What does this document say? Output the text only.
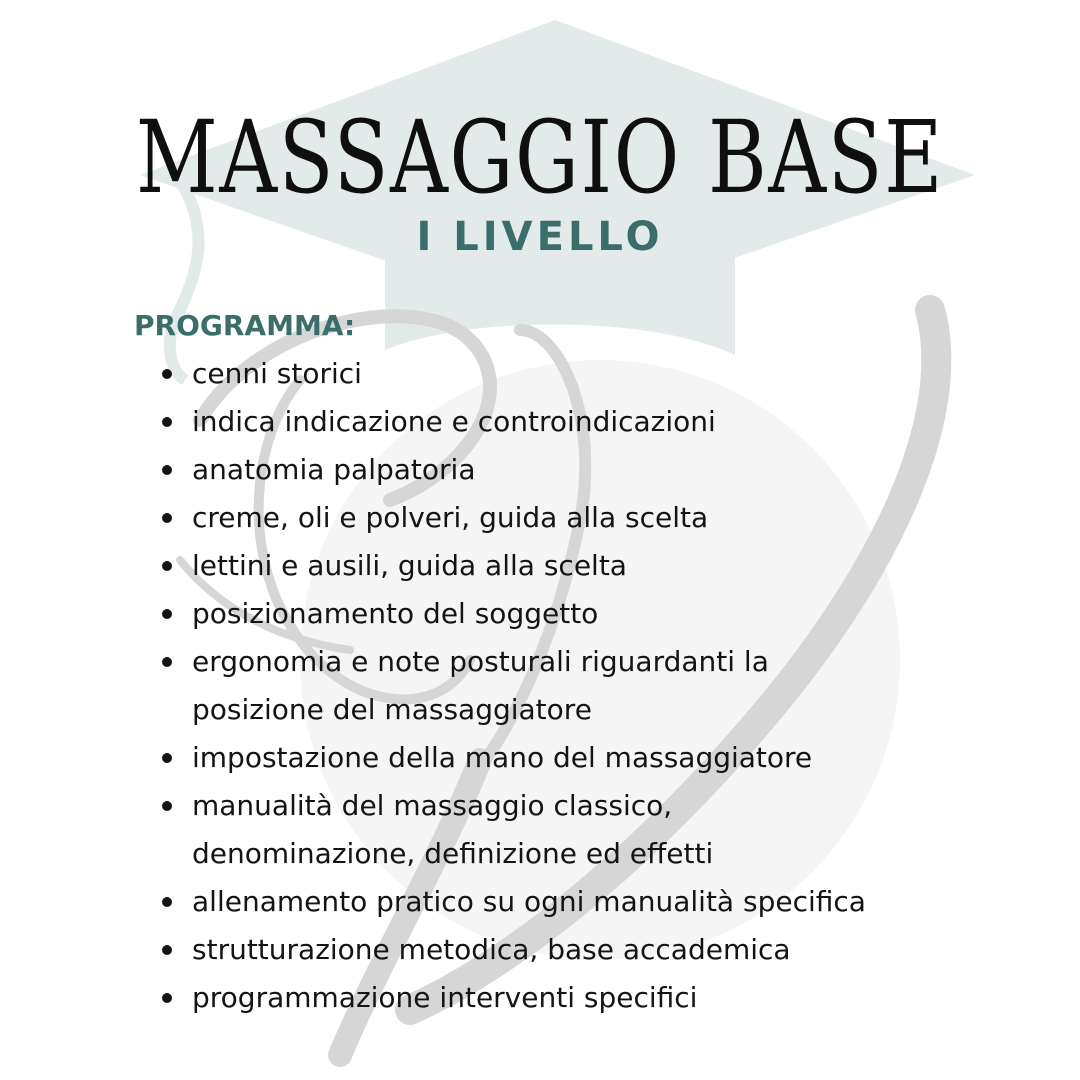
MASSAGGIO BASE
I LIVELLO
PROGRAMMA:
cenni storici
indica indicazione e controindicazioni
anatomia palpatoria
creme, oli e polveri, guida alla scelta
lettini e ausili, guida alla scelta
posizionamento del soggetto
ergonomia e note posturali riguardanti la
posizione del massaggiatore
impostazione della mano del massaggiatore
manualità del massaggio classico,
denominazione, definizione ed effetti
allenamento pratico su ogni manualità specifica
strutturazione metodica, base accademica
programmazione interventi specifici
